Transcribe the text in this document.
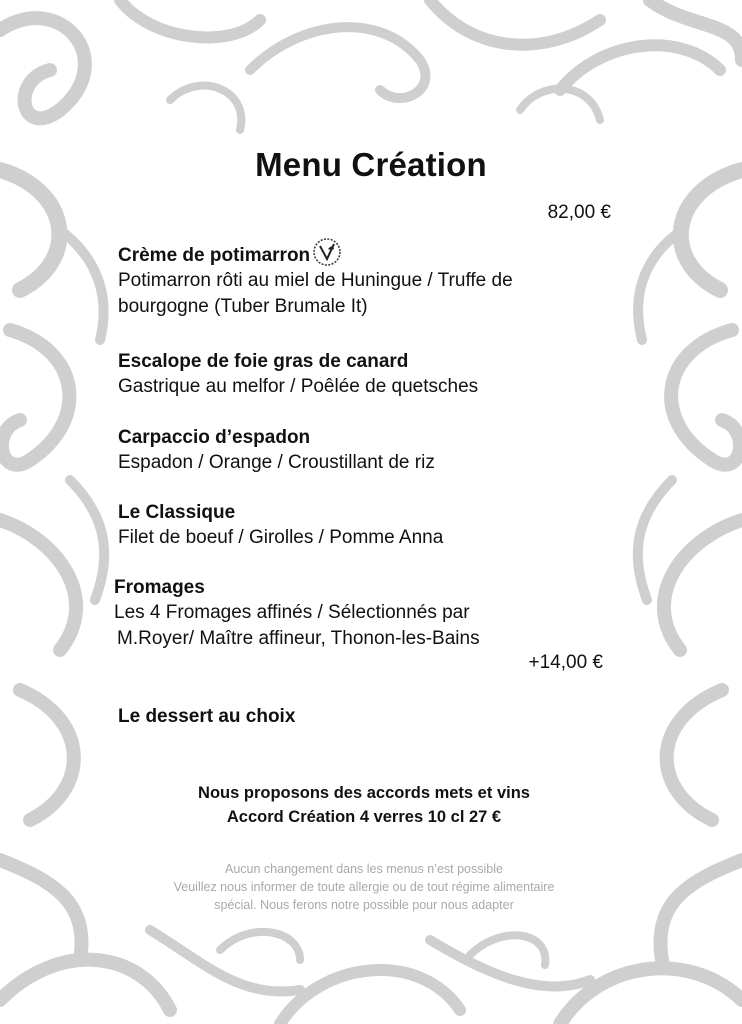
Menu Création
82,00 €
Crème de potimarron
Potimarron rôti au miel de Huningue / Truffe de
bourgogne (Tuber Brumale It)
Escalope de foie gras de canard
Gastrique au melfor / Poêlée de quetsches
Carpaccio d’espadon
Espadon / Orange / Croustillant de riz
Le Classique
Filet de boeuf / Girolles / Pomme Anna
Fromages
Les 4 Fromages affinés / Sélectionnés par
M.Royer/ Maître affineur, Thonon-les-Bains
+14,00 €
Le dessert au choix
Nous proposons des accords mets et vins
Accord Création 4 verres 10 cl 27 €
Aucun changement dans les menus n’est possible
Veuillez nous informer de toute allergie ou de tout régime alimentaire
spécial. Nous ferons notre possible pour nous adapter
